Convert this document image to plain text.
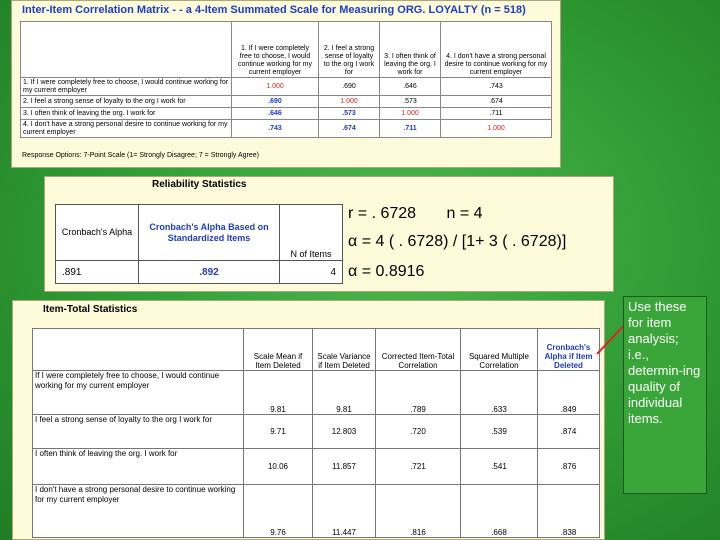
Inter-Item Correlation Matrix - - a 4-Item Summated Scale for Measuring ORG. LOYALTY (n = 518)
	1. If I were completely free to choose, I would continue working for my current employer	2. I feel a strong sense of loyalty to the org I work for	3. I often think of leaving the org. I work for	4. I don't have a strong personal desire to continue working for my current employer
1. If I were completely free to choose, I would continue working for my current employer	1.000	.690	.646	.743
2. I feel a strong sense of loyalty to the org I work for	.690	1.000	.573	.674
3. I often think of leaving the org. I work for	.646	.573	1.000	.711
4. I don't have a strong personal desire to continue working for my current employer	.743	.674	.711	1.000
Response Options: 7-Point Scale (1= Strongly Disagree; 7 = Strongly Agree)
Reliability Statistics
Cronbach's Alpha	Cronbach's Alpha Based on Standardized Items	N of Items
.891	.892	4
r = . 6728 n = 4
α = 4 ( . 6728) / [1+ 3 ( . 6728)]
α = 0.8916
Item-Total Statistics
	Scale Mean if Item Deleted	Scale Variance if Item Deleted	Corrected Item-Total Correlation	Squared Multiple Correlation	Cronbach's Alpha if Item Deleted
If I were completely free to choose, I would continue working for my current employer	9.81	9.81	.789	.633	.849
I feel a strong sense of loyalty to the org I work for	9.71	12.803	.720	.539	.874
I often think of leaving the org. I work for	10.06	11.857	.721	.541	.876
I don't have a strong personal desire to continue working for my current employer	9.76	11.447	.816	.668	.838
Use these for item analysis; i.e., determin-ing quality of individual items.
